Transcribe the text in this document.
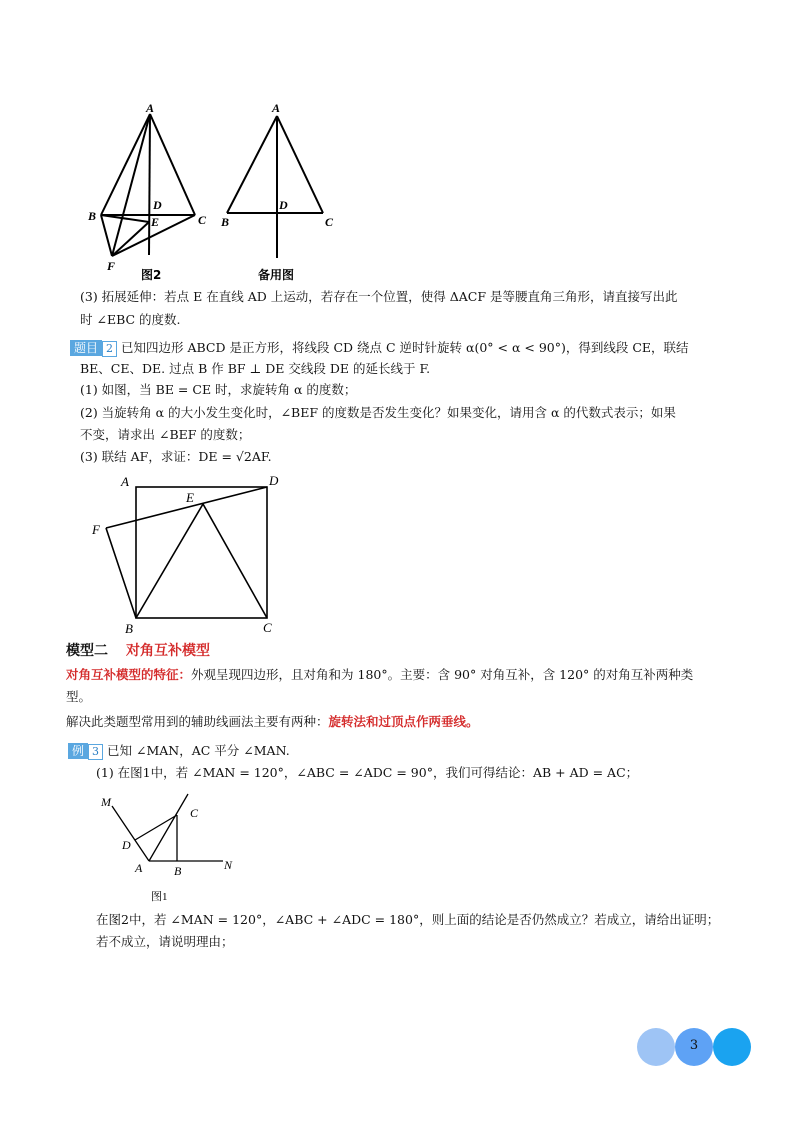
A
B	C
D
E
F
图2
A
B	C
D
备用图
(3) 拓展延伸：若点 E 在直线 AD 上运动，若存在一个位置，使得 ΔACF 是等腰直角三角形，请直接写出此
时 ∠EBC 的度数.
题目 2 已知四边形 ABCD 是正方形，将线段 CD 绕点 C 逆时针旋转 α(0° < α < 90°)，得到线段 CE，联结
BE、CE、DE. 过点 B 作 BF ⊥ DE 交线段 DE 的延长线于 F.
(1) 如图，当 BE = CE 时，求旋转角 α 的度数；
(2) 当旋转角 α 的大小发生变化时，∠BEF 的度数是否发生变化？如果变化，请用含 α 的代数式表示；如果
不变，请求出 ∠BEF 的度数；
(3) 联结 AF，求证：DE = √2AF.
A
B	C
D
E
F
模型二 对角互补模型
对角互补模型的特征：外观呈现四边形，且对角和为 180°。主要：含 90° 对角互补，含 120° 的对角互补两种类
型。
解决此类题型常用到的辅助线画法主要有两种：旋转法和过顶点作两垂线。
例 3 已知 ∠MAN，AC 平分 ∠MAN.
(1) 在图1中，若 ∠MAN = 120°，∠ABC = ∠ADC = 90°，我们可得结论：AB + AD = AC；
M
N
A	B
C
D
图1
在图2中，若 ∠MAN = 120°，∠ABC + ∠ADC = 180°，则上面的结论是否仍然成立？若成立，请给出证明；
若不成立，请说明理由；
3
